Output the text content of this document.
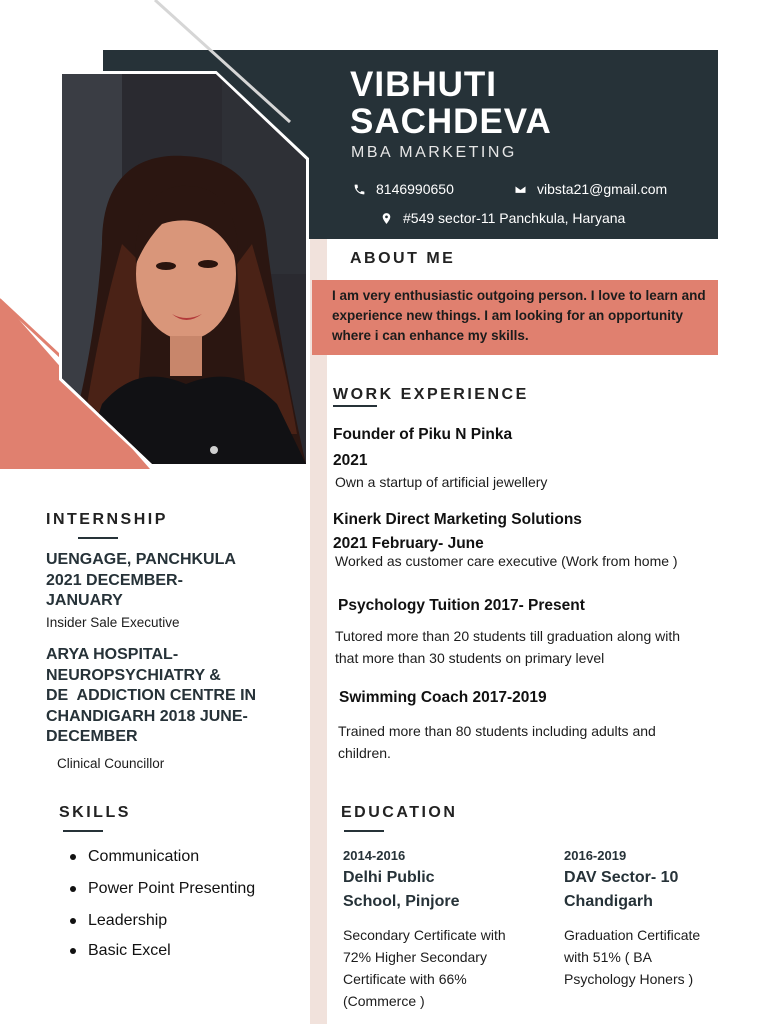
VIBHUTI
SACHDEVA
MBA MARKETING
8146990650	vibsta21@gmail.com
#549 sector-11 Panchkula, Haryana
ABOUT ME
I am very enthusiastic outgoing person. I love to learn and experience new things. I am looking for an opportunity where i can enhance my skills.
WORK EXPERIENCE
Founder of Piku N Pinka
2021
Own a startup of artificial jewellery
Kinerk Direct Marketing Solutions
2021 February- June
Worked as customer care executive (Work from home )
Psychology Tuition 2017- Present
Tutored more than 20 students till graduation along with
that more than 30 students on primary level
Swimming Coach 2017-2019
Trained more than 80 students including adults and
children.
INTERNSHIP
UENGAGE, PANCHKULA
2021 DECEMBER-
JANUARY
Insider Sale Executive
ARYA HOSPITAL-
NEUROPSYCHIATRY &
DE  ADDICTION CENTRE IN
CHANDIGARH 2018 JUNE-
DECEMBER
Clinical Councillor
SKILLS
Communication
Power Point Presenting
Leadership
Basic Excel
EDUCATION
2014-2016
Delhi Public
School, Pinjore
Secondary Certificate with
72% Higher Secondary
Certificate with 66%
(Commerce )
2016-2019
DAV Sector- 10
Chandigarh
Graduation Certificate
with 51% ( BA
Psychology Honers )
